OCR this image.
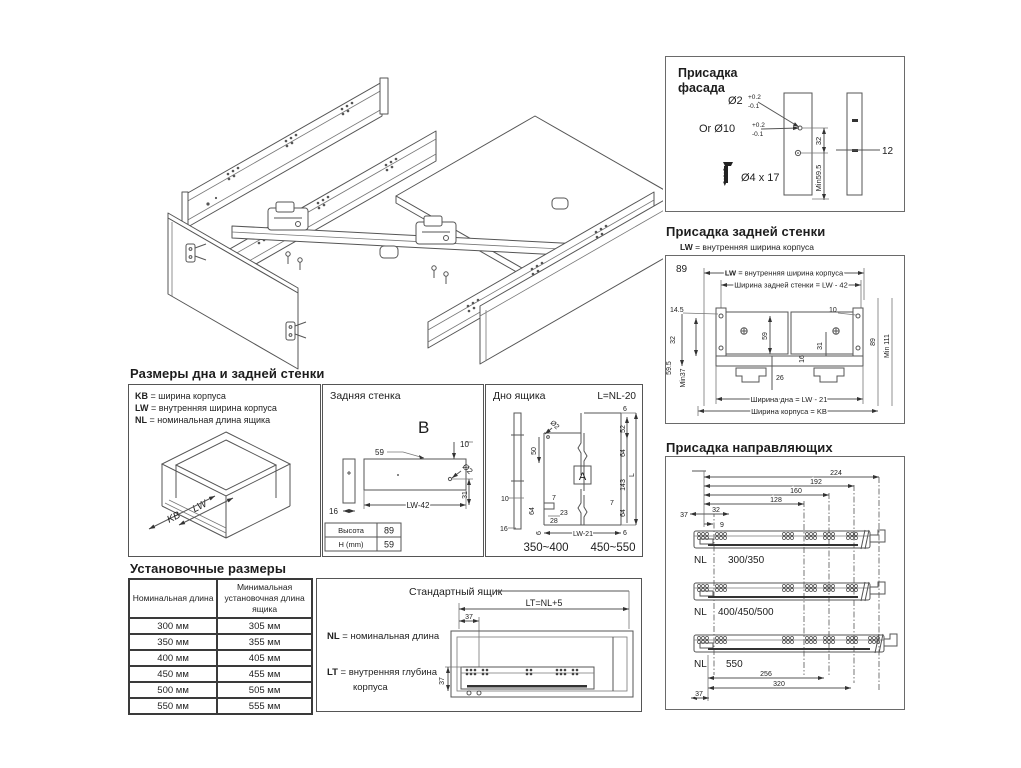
Присадка
фасада
Ø2 +0.2
-0.1
Or Ø10	+0.2
-0.1
32
Min59.5
12
Ø4 x 17
Присадка задней стенки
LW = внутренняя ширина корпуса
89	LW = внутренняя ширина корпуса
Ширина задней стенки = LW - 42
14.5
32
59.5
Min37
10
31
16
59
26
89 Min 111
Ширина дна = LW - 21
Ширина корпуса = KB
Присадка направляющих
224
192
160
128
37
32
9
NL 300/350
NL 400/450/500
NL 550
256
320
37
Размеры дна и задней стенки
KB = ширина корпуса
LW = внутренняя ширина корпуса
NL = номинальная длина ящика
LW
KB
Задняя стенка
B
59
10
Ø2
31
16
LW-42
Высота 89
H (mm) 59
Дно ящика	L=NL-20
10
16
A
Ø2
50
6
52
64
143
64
7
6
L
64
7
23
28
6	LW-21
350~400 450~550
Установочные размеры
Номинальная длина	Минимальная установочная длина ящика
300 мм	305 мм
350 мм	355 мм
400 мм	405 мм
450 мм	455 мм
500 мм	505 мм
550 мм	555 мм
NL = номинальная длина
LT = внутренняя глубина корпуса
Стандартный ящик
LT=NL+5
37
37
